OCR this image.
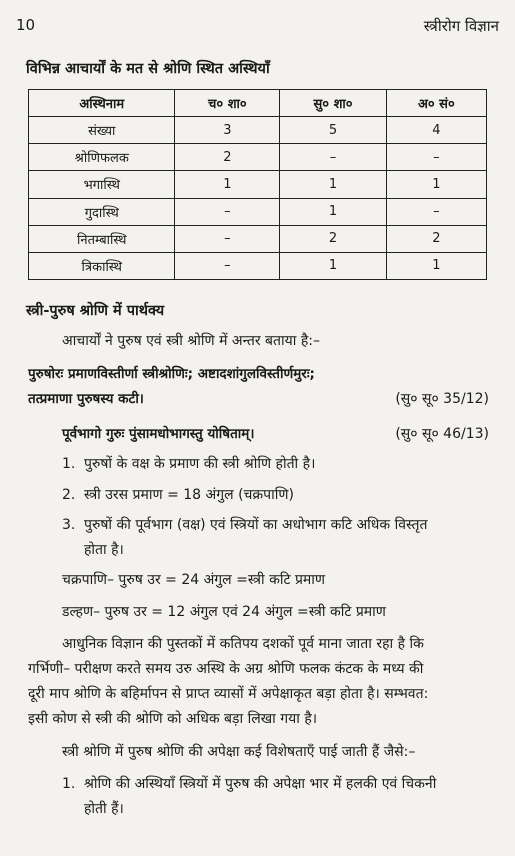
10	स्त्रीरोग विज्ञान
विभिन्न आचार्यों के मत से श्रोणि स्थित अस्थियाँ
अस्थिनाम	च० शा०	सु० शा०	अ० सं०
संख्या	3	5	4
श्रोणिफलक	2	–	–
भगास्थि	1	1	1
गुदास्थि	–	1	–
नितम्बास्थि	–	2	2
त्रिकास्थि	–	1	1
स्त्री-पुरुष श्रोणि में पार्थक्य
आचार्यों ने पुरुष एवं स्त्री श्रोणि में अन्तर बताया है:–
पुरुषोरः प्रमाणविस्तीर्णा स्त्रीश्रोणिः; अष्टादशांगुलविस्तीर्णमुरः;
तत्प्रमाणा पुरुषस्य कटी।	(सु० सू० 35/12)
पूर्वभागो गुरुः पुंसामधोभागस्तु योषिताम्।	(सु० सू० 46/13)
1. पुरुषों के वक्ष के प्रमाण की स्त्री श्रोणि होती है।
2. स्त्री उरस प्रमाण = 18 अंगुल (चक्रपाणि)
3. पुरुषों की पूर्वभाग (वक्ष) एवं स्त्रियों का अधोभाग कटि अधिक विस्तृत
होता है।
चक्रपाणि– पुरुष उर = 24 अंगुल =स्त्री कटि प्रमाण
डल्हण– पुरुष उर = 12 अंगुल एवं 24 अंगुल =स्त्री कटि प्रमाण
आधुनिक विज्ञान की पुस्तकों में कतिपय दशकों पूर्व माना जाता रहा है कि
गर्भिणी– परीक्षण करते समय उरु अस्थि के अग्र श्रोणि फलक कंटक के मध्य की
दूरी माप श्रोणि के बहिर्मापन से प्राप्त व्यासों में अपेक्षाकृत बड़ा होता है। सम्भवत:
इसी कोण से स्त्री की श्रोणि को अधिक बड़ा लिखा गया है।
स्त्री श्रोणि में पुरुष श्रोणि की अपेक्षा कई विशेषताएँ पाई जाती हैं जैसे:–
1. श्रोणि की अस्थियाँ स्त्रियों में पुरुष की अपेक्षा भार में हलकी एवं चिकनी
होती हैं।
